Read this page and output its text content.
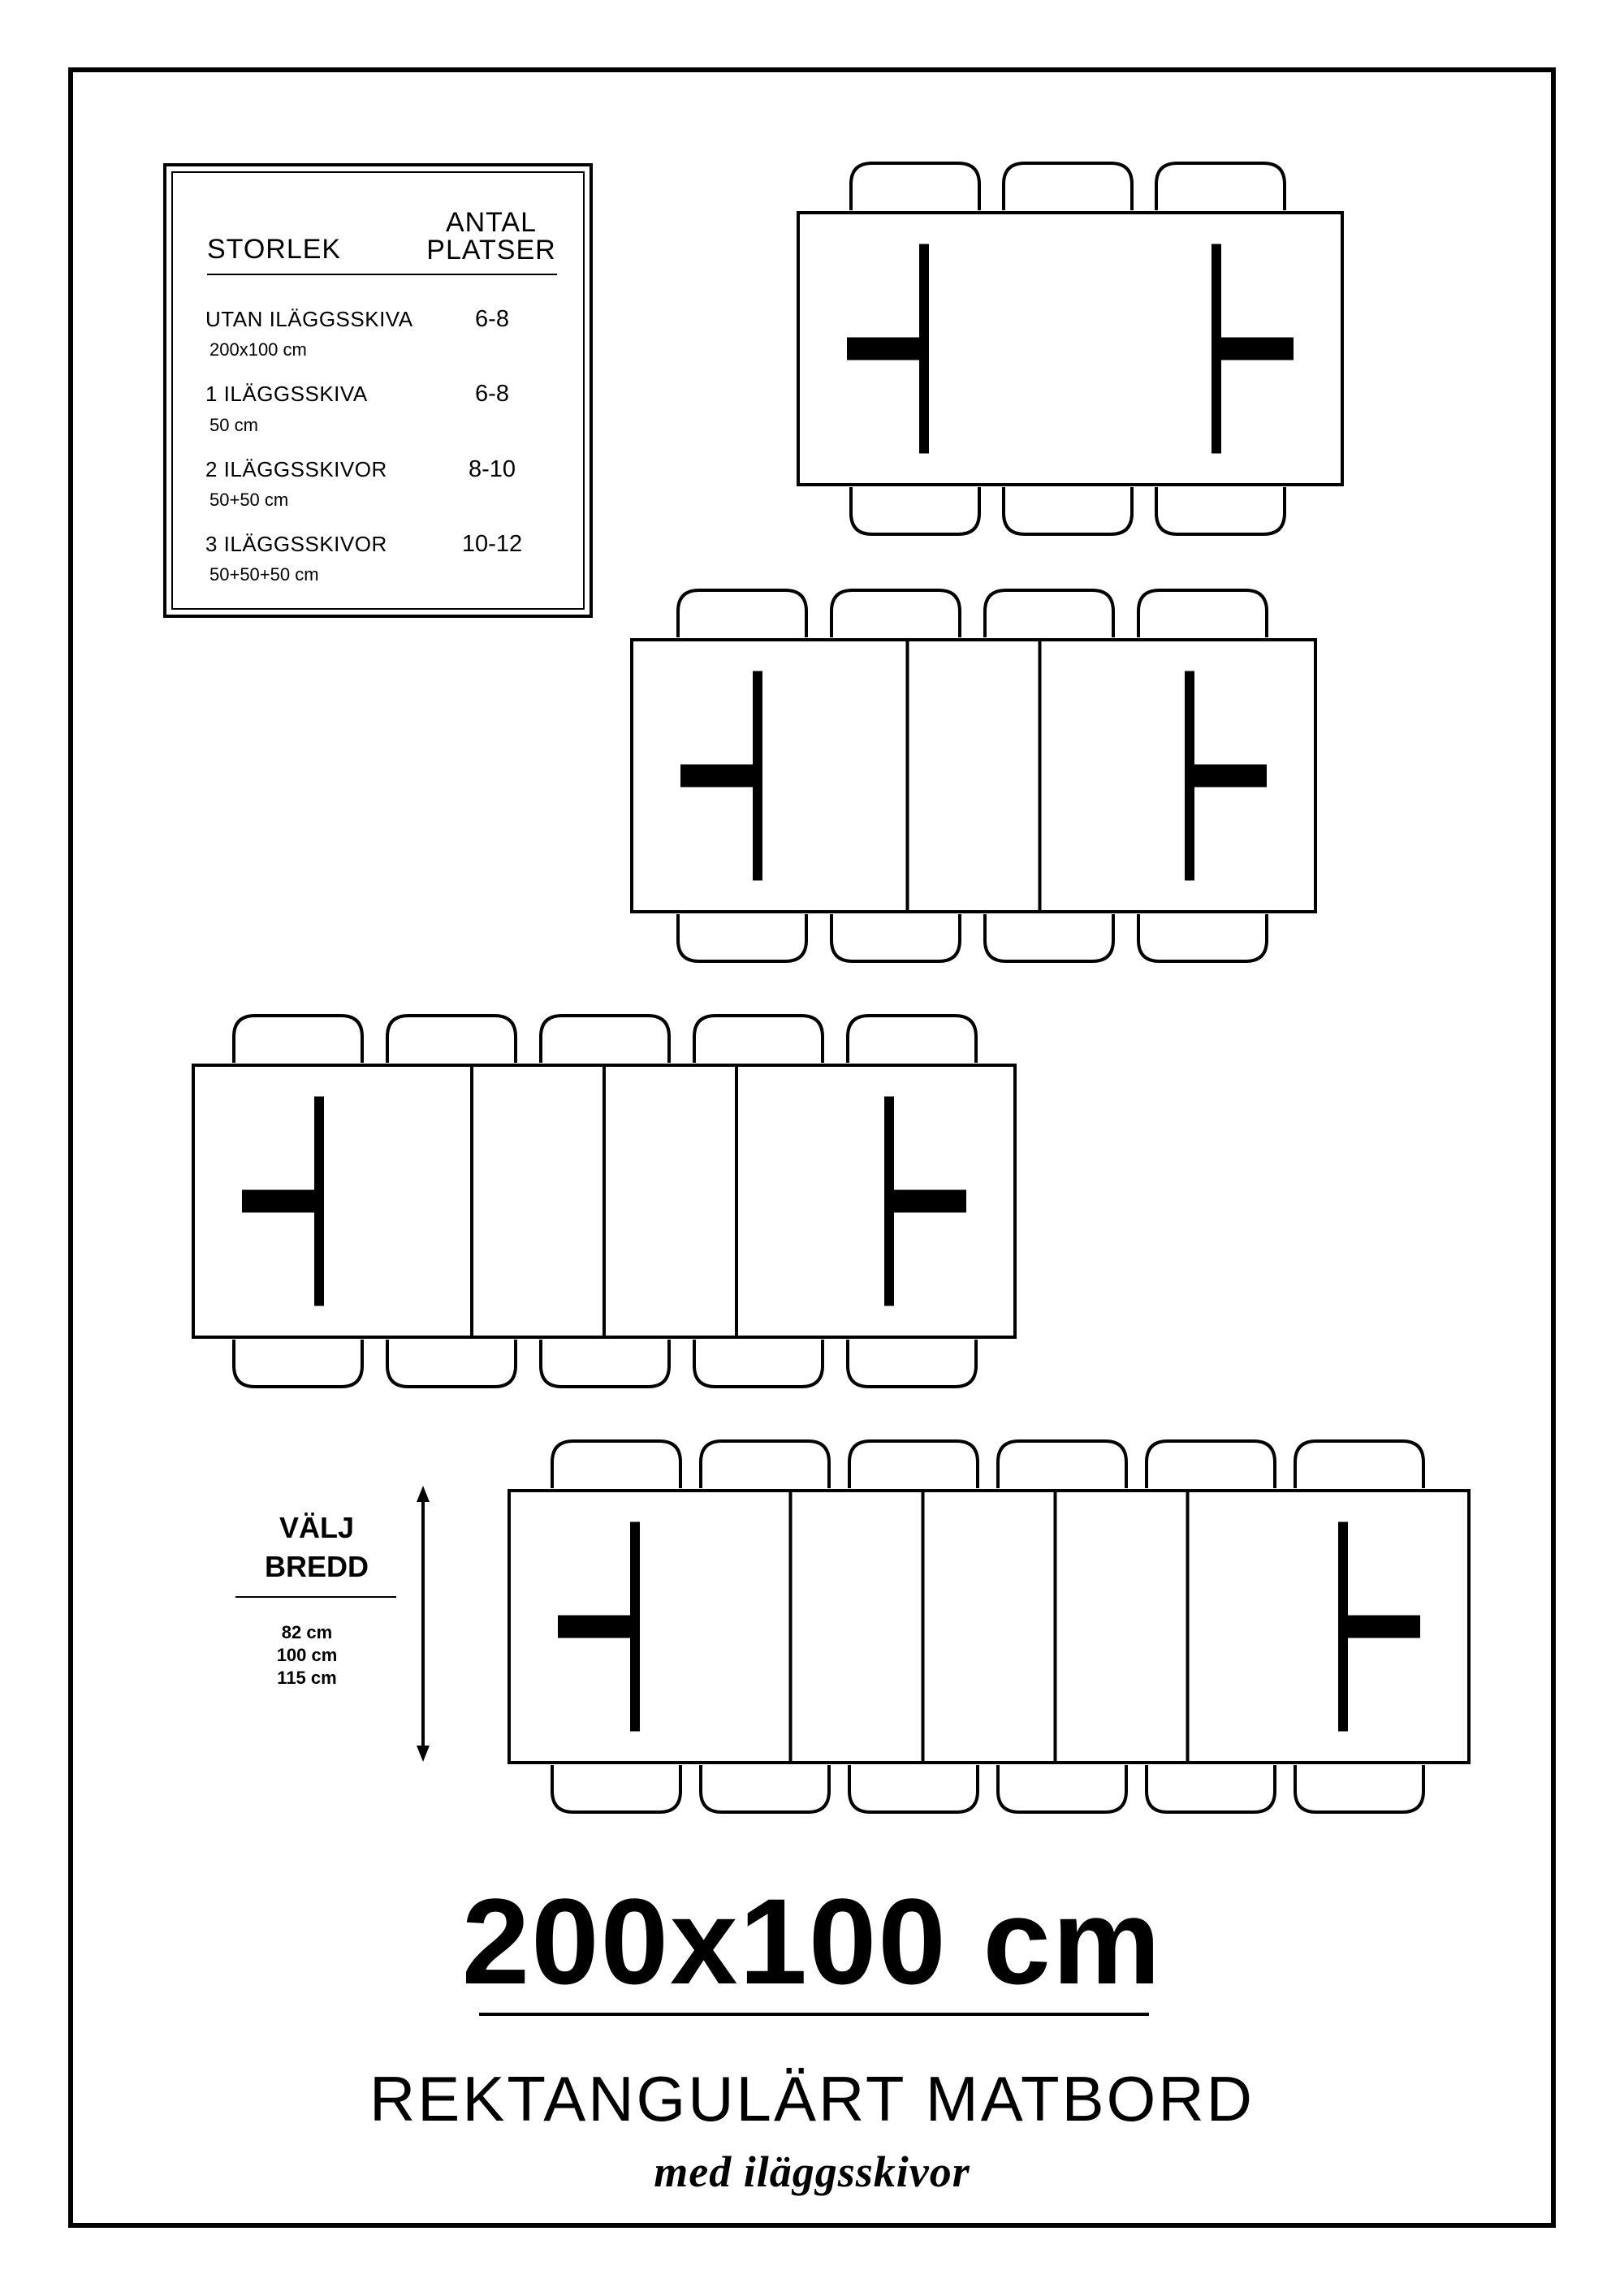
STORLEK
ANTAL
PLATSER
UTAN ILÄGGSSKIVA
200x100 cm
6-8
1 ILÄGGSSKIVA
50 cm
6-8
2 ILÄGGSSKIVOR
50+50 cm
8-10
3 ILÄGGSSKIVOR
50+50+50 cm
10-12
VÄLJ
BREDD
82 cm
100 cm
115 cm
200x100 cm
REKTANGULÄRT MATBORD
med iläggsskivor
